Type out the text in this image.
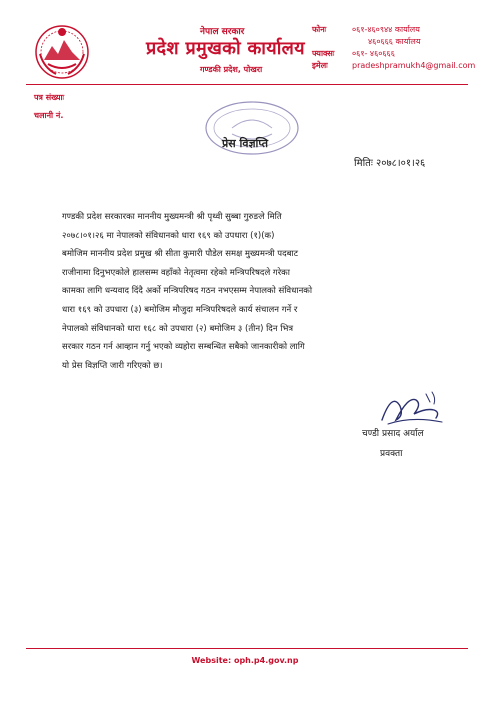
नेपाल सरकार
प्रदेश प्रमुखको कार्यालय
गण्डकी प्रदेश, पोखरा
फोनः	०६१-४६०९४४ कार्यालय
४६०६६६ कार्यालय
फ्याक्सः ०६१- ४६०६६६
इमेलः	pradeshpramukh4@gmail.com
पत्र संख्याः
चलानी नं.
प्रेस विज्ञप्ति
मितिः २०७८।०१।२६
गण्डकी प्रदेश सरकारका माननीय मुख्यमन्त्री श्री पृथ्वी सुब्बा गुरुङले मिति
२०७८।०१।२६ मा नेपालको संविधानको धारा १६९ को उपधारा (१)(क)
बमोजिम माननीय प्रदेश प्रमुख श्री सीता कुमारी पौडेल समक्ष मुख्यमन्त्री पदबाट
राजीनामा दिनुभएकोले हालसम्म वहाँको नेतृत्वमा रहेको मन्त्रिपरिषदले गरेका
कामका लागि धन्यवाद दिंदै अर्को मन्त्रिपरिषद गठन नभएसम्म नेपालको संविधानको
धारा १६९ को उपधारा (३) बमोजिम मौजुदा मन्त्रिपरिषदले कार्य संचालन गर्ने र
नेपालको संविधानको धारा १६८ को उपधारा (२) बमोजिम ३ (तीन) दिन भित्र
सरकार गठन गर्न आव्हान गर्नु भएको व्यहोरा सम्बन्धित सबैको जानकारीको लागि
यो प्रेस विज्ञप्ति जारी गरिएको छ।
चण्डी प्रसाद अर्याल
प्रवक्ता
Website: oph.p4.gov.np
